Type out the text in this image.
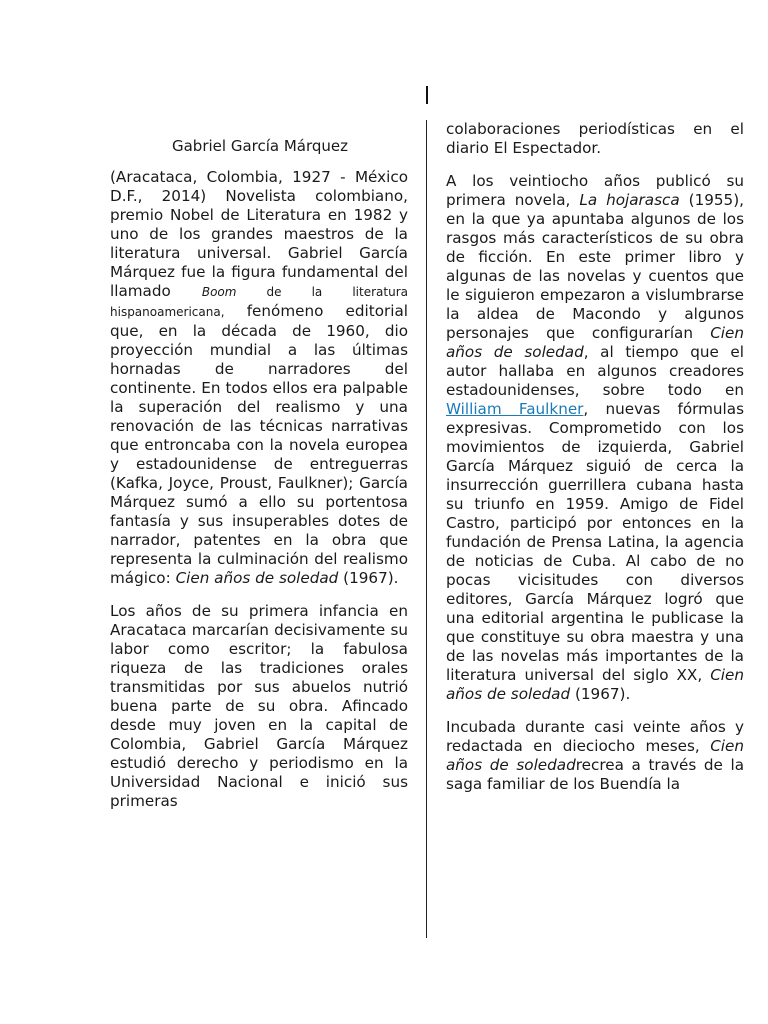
Gabriel García Márquez

(Aracataca, Colombia, 1927 - México D.F., 2014) Novelista colombiano, premio Nobel de Literatura en 1982 y uno de los grandes maestros de la literatura universal. Gabriel García Márquez fue la figura fundamental del llamado Boom de la literatura hispanoamericana, fenómeno editorial que, en la década de 1960, dio proyección mundial a las últimas hornadas de narradores del continente. En todos ellos era palpable la superación del realismo y una renovación de las técnicas narrativas que entroncaba con la novela europea y estadounidense de entreguerras (Kafka, Joyce, Proust, Faulkner); García Márquez sumó a ello su portentosa fantasía y sus insuperables dotes de narrador, patentes en la obra que representa la culminación del realismo mágico: Cien años de soledad (1967).

Los años de su primera infancia en Aracataca marcarían decisivamente su labor como escritor; la fabulosa riqueza de las tradiciones orales transmitidas por sus abuelos nutrió buena parte de su obra. Afincado desde muy joven en la capital de Colombia, Gabriel García Márquez estudió derecho y periodismo en la Universidad Nacional e inició sus primeras

colaboraciones periodísticas en el diario El Espectador.

A los veintiocho años publicó su primera novela, La hojarasca (1955), en la que ya apuntaba algunos de los rasgos más característicos de su obra de ficción. En este primer libro y algunas de las novelas y cuentos que le siguieron empezaron a vislumbrarse la aldea de Macondo y algunos personajes que configurarían Cien años de soledad, al tiempo que el autor hallaba en algunos creadores estadounidenses, sobre todo en William Faulkner, nuevas fórmulas expresivas. Comprometido con los movimientos de izquierda, Gabriel García Márquez siguió de cerca la insurrección guerrillera cubana hasta su triunfo en 1959. Amigo de Fidel Castro, participó por entonces en la fundación de Prensa Latina, la agencia de noticias de Cuba. Al cabo de no pocas vicisitudes con diversos editores, García Márquez logró que una editorial argentina le publicase la que constituye su obra maestra y una de las novelas más importantes de la literatura universal del siglo XX, Cien años de soledad (1967).

Incubada durante casi veinte años y redactada en dieciocho meses, Cien años de soledadrecrea a través de la saga familiar de los Buendía la
